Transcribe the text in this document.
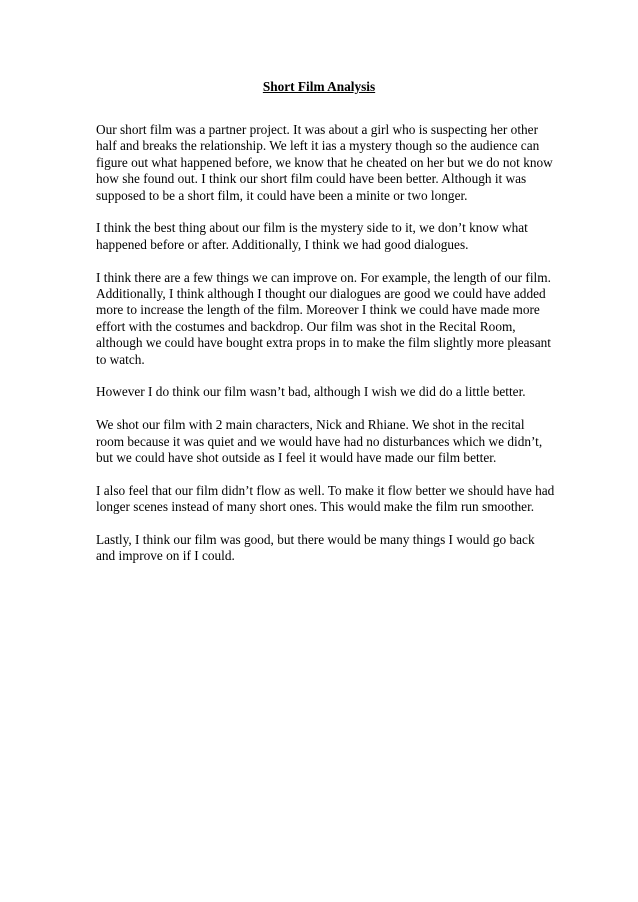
Short Film Analysis

Our short film was a partner project. It was about a girl who is suspecting her other
half and breaks the relationship. We left it ias a mystery though so the audience can
figure out what happened before, we know that he cheated on her but we do not know
how she found out. I think our short film could have been better. Although it was
supposed to be a short film, it could have been a minite or two longer.

I think the best thing about our film is the mystery side to it, we don’t know what
happened before or after. Additionally, I think we had good dialogues.

I think there are a few things we can improve on. For example, the length of our film.
Additionally, I think although I thought our dialogues are good we could have added
more to increase the length of the film. Moreover I think we could have made more
effort with the costumes and backdrop. Our film was shot in the Recital Room,
although we could have bought extra props in to make the film slightly more pleasant
to watch.

However I do think our film wasn’t bad, although I wish we did do a little better.

We shot our film with 2 main characters, Nick and Rhiane. We shot in the recital
room because it was quiet and we would have had no disturbances which we didn’t,
but we could have shot outside as I feel it would have made our film better.

I also feel that our film didn’t flow as well. To make it flow better we should have had
longer scenes instead of many short ones. This would make the film run smoother.

Lastly, I think our film was good, but there would be many things I would go back
and improve on if I could.
